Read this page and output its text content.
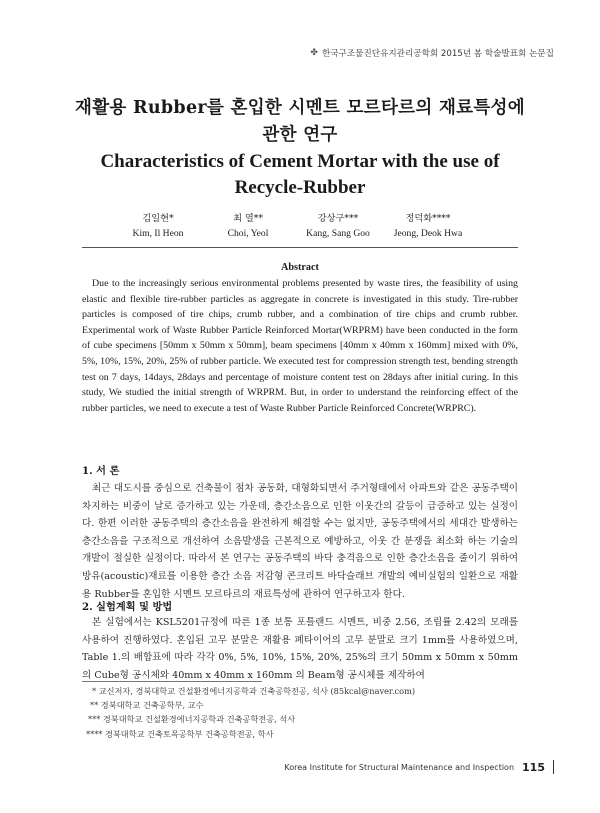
✤ 한국구조물진단유지관리공학회 2015년 봄 학술발표회 논문집
재활용 Rubber를 혼입한 시멘트 모르타르의 재료특성에
관한 연구
Characteristics of Cement Mortar with the use of
Recycle-Rubber
김일현*
Kim, Il Heon
최 열**
Choi, Yeol
강상구***
Kang, Sang Goo
정덕화****
Jeong, Deok Hwa
Abstract
Due to the increasingly serious environmental problems presented by waste tires, the feasibility of using elastic and flexible tire-rubber particles as aggregate in concrete is investigated in this study. Tire-rubber particles is composed of tire chips, crumb rubber, and a combination of tire chips and crumb rubber. Experimental work of Waste Rubber Particle Reinforced Mortar(WRPRM) have been conducted in the form of cube specimens [50mm x 50mm x 50mm], beam specimens [40mm x 40mm x 160mm] mixed with 0%, 5%, 10%, 15%, 20%, 25% of rubber particle. We executed test for compression strength test, bending strength test on 7 days, 14days, 28days and percentage of moisture content test on 28days after initial curing. In this study, We studied the initial strength of WRPRM. But, in order to understand the reinforcing effect of the rubber particles, we need to execute a test of Waste Rubber Particle Reinforced Concrete(WRPRC).
1. 서 론
최근 대도시를 중심으로 건축물이 점차 공동화, 대형화되면서 주거형태에서 아파트와 같은 공동주택이 차지하는 비중이 날로 증가하고 있는 가운데, 층간소음으로 인한 이웃간의 갈등이 급증하고 있는 실정이다. 한편 이러한 공동주택의 층간소음을 완전하게 해결할 수는 없지만, 공동주택에서의 세대간 발생하는 층간소음을 구조적으로 개선하여 소음발생을 근본적으로 예방하고, 이웃 간 분쟁을 최소화 하는 기술의 개발이 절실한 실정이다. 따라서 본 연구는 공동주택의 바닥 충격음으로 인한 층간소음을 줄이기 위하여 방유(acoustic)재료를 이용한 층간 소음 저감형 콘크리트 바닥슬래브 개발의 예비실험의 일환으로 재활용 Rubber를 혼입한 시멘트 모르타르의 재료특성에 관하여 연구하고자 한다.
2. 실험계획 및 방법
본 실험에서는 KSL5201규정에 따른 1종 보통 포틀랜드 시멘트, 비중 2.56, 조립률 2.42의 모래를 사용하여 진행하였다. 혼입된 고무 분말은 재활용 폐타이어의 고무 분말로 크기 1mm를 사용하였으며, Table 1.의 배합표에 따라 각각 0%, 5%, 10%, 15%, 20%, 25%의 크기 50mm x 50mm x 50mm 의 Cube형 공시체와 40mm x 40mm x 160mm 의 Beam형 공시체를 제작하여
* 교신저자, 경북대학교 건설환경에너지공학과 건축공학전공, 석사 (85kcal@naver.com)
** 경북대학교 건축공학부, 교수
*** 경북대학교 건설환경에너지공학과 건축공학전공, 석사
**** 경북대학교 건축토목공학부 건축공학전공, 학사
Korea Institute for Structural Maintenance and Inspection 115
